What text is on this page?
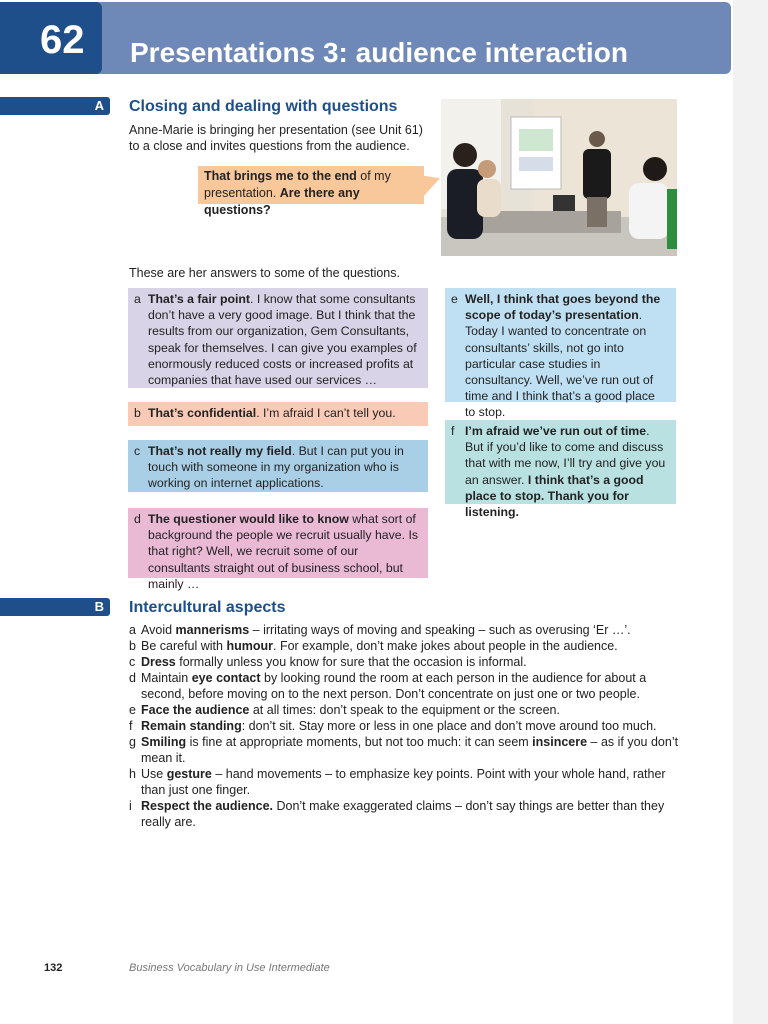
62 Presentations 3: audience interaction
A Closing and dealing with questions
Anne-Marie is bringing her presentation (see Unit 61) to a close and invites questions from the audience.
That brings me to the end of my presentation. Are there any questions?
These are her answers to some of the questions.
a That’s a fair point. I know that some consultants don’t have a very good image. But I think that the results from our organization, Gem Consultants, speak for themselves. I can give you examples of enormously reduced costs or increased profits at companies that have used our services …
b That’s confidential. I’m afraid I can’t tell you.
c That’s not really my field. But I can put you in touch with someone in my organization who is working on internet applications.
d The questioner would like to know what sort of background the people we recruit usually have. Is that right? Well, we recruit some of our consultants straight out of business school, but mainly …
e Well, I think that goes beyond the scope of today’s presentation. Today I wanted to concentrate on consultants’ skills, not go into particular case studies in consultancy. Well, we’ve run out of time and I think that’s a good place to stop.
f I’m afraid we’ve run out of time. But if you’d like to come and discuss that with me now, I’ll try and give you an answer. I think that’s a good place to stop. Thank you for listening.
B Intercultural aspects
a Avoid mannerisms – irritating ways of moving and speaking – such as overusing ‘Er …’.
b Be careful with humour. For example, don’t make jokes about people in the audience.
c Dress formally unless you know for sure that the occasion is informal.
d Maintain eye contact by looking round the room at each person in the audience for about a second, before moving on to the next person. Don’t concentrate on just one or two people.
e Face the audience at all times: don’t speak to the equipment or the screen.
f Remain standing: don’t sit. Stay more or less in one place and don’t move around too much.
g Smiling is fine at appropriate moments, but not too much: it can seem insincere – as if you don’t mean it.
h Use gesture – hand movements – to emphasize key points. Point with your whole hand, rather than just one finger.
i Respect the audience. Don’t make exaggerated claims – don’t say things are better than they really are.
132	Business Vocabulary in Use Intermediate
